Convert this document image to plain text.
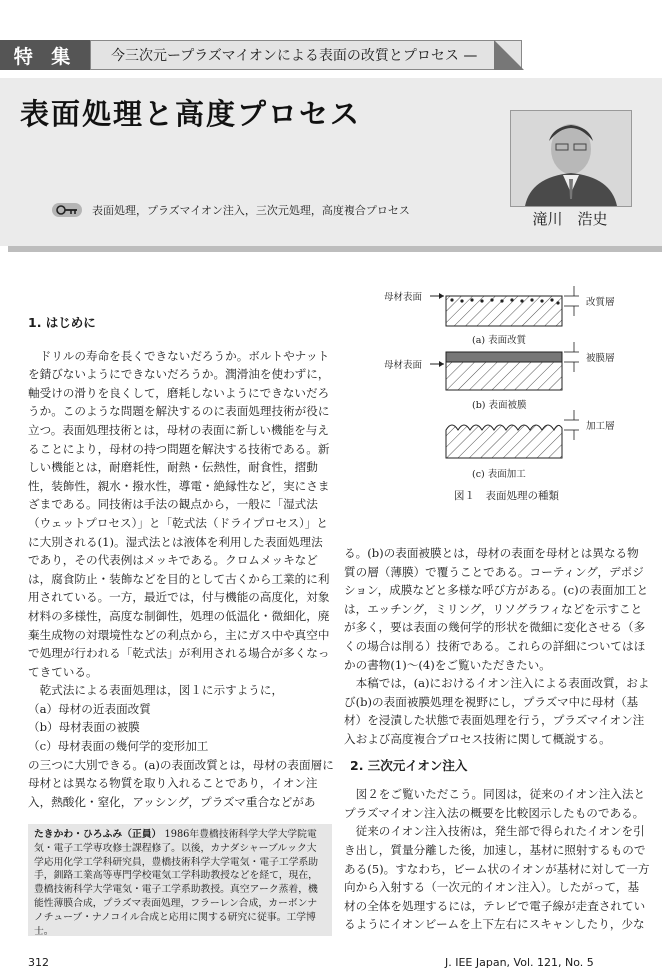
特 集	今三次元ープラズマイオンによる表面の改質とプロセス — 4
表面処理と高度プロセス
表面処理，プラズマイオン注入，三次元処理，高度複合プロセス	滝川　浩史

1. はじめに

ドリルの寿命を長くできないだろうか。ボルトやナットを錆びないようにできないだろうか。潤滑油を使わずに，軸受けの滑りを良くして，磨耗しないようにできないだろうか。このような問題を解決するのに表面処理技術が役に立つ。表面処理技術とは，母材の表面に新しい機能を与えることにより，母材の持つ問題を解決する技術である。新しい機能とは，耐磨耗性，耐熱・伝熱性，耐食性，摺動性，装飾性，親水・撥水性，導電・絶縁性など，実にさまざまである。同技術は手法の観点から，一般に「湿式法（ウェットプロセス）」と「乾式法（ドライプロセス）」とに大別される(1)。湿式法とは液体を利用した表面処理法であり，その代表例はメッキである。クロムメッキなどは，腐食防止・装飾などを目的として古くから工業的に利用されている。一方，最近では，付与機能の高度化，対象材料の多様性，高度な制御性，処理の低温化・微細化，廃棄生成物の対環境性などの利点から，主にガス中や真空中で処理が行われる「乾式法」が利用される場合が多くなってきている。

乾式法による表面処理は，図１に示すように，

（a）母材の近表面改質

（b）母材表面の被膜

（c）母材表面の幾何学的変形加工

の三つに大別できる。(a)の表面改質とは，母材の表面層に母材とは異なる物質を取り入れることであり，イオン注入，熱酸化・窒化，アッシング，プラズマ重合などがあ

たきかわ・ひろふみ（正員） 1986年豊橋技術科学大学大学院電気・電子工学専攻修士課程修了。以後，カナダシャーブルック大学応用化学工学科研究員，豊橋技術科学大学電気・電子工学系助手，釧路工業高等専門学校電気工学科助教授などを経て，現在，豊橋技術科学大学電気・電子工学系助教授。真空アーク蒸着，機能性薄膜合成，プラズマ表面処理，フラーレン合成，カーボンナノチューブ・ナノコイル合成と応用に関する研究に従事。工学博士。
母材表面	改質層
(a) 表面改質
母材表面
被膜層
(b) 表面被膜
加工層
(c) 表面加工
図１　表面処理の種類

る。(b)の表面被膜とは，母材の表面を母材とは異なる物質の層（薄膜）で覆うことである。コーティング，デポジション，成膜などと多様な呼び方がある。(c)の表面加工とは，エッチング，ミリング，リソグラフィなどを示すことが多く，要は表面の幾何学的形状を微細に変化させる（多くの場合は削る）技術である。これらの詳細についてはほかの書物(1)～(4)をご覧いただきたい。

本稿では，(a)におけるイオン注入による表面改質，および(b)の表面被膜処理を視野にし，プラズマ中に母材（基材）を浸漬した状態で表面処理を行う，プラズマイオン注入および高度複合プロセス技術に関して概説する。

2. 三次元イオン注入

図２をご覧いただこう。同図は，従来のイオン注入法とプラズマイオン注入法の概要を比較図示したものである。

従来のイオン注入技術は，発生部で得られたイオンを引き出し，質量分離した後，加速し，基材に照射するものである(5)。すなわち，ビーム状のイオンが基材に対して一方向から入射する（一次元的イオン注入）。したがって，基材の全体を処理するには，テレビで電子線が走査されているようにイオンビームを上下左右にスキャンしたり，少な

312	J. IEE Japan, Vol. 121, No. 5
